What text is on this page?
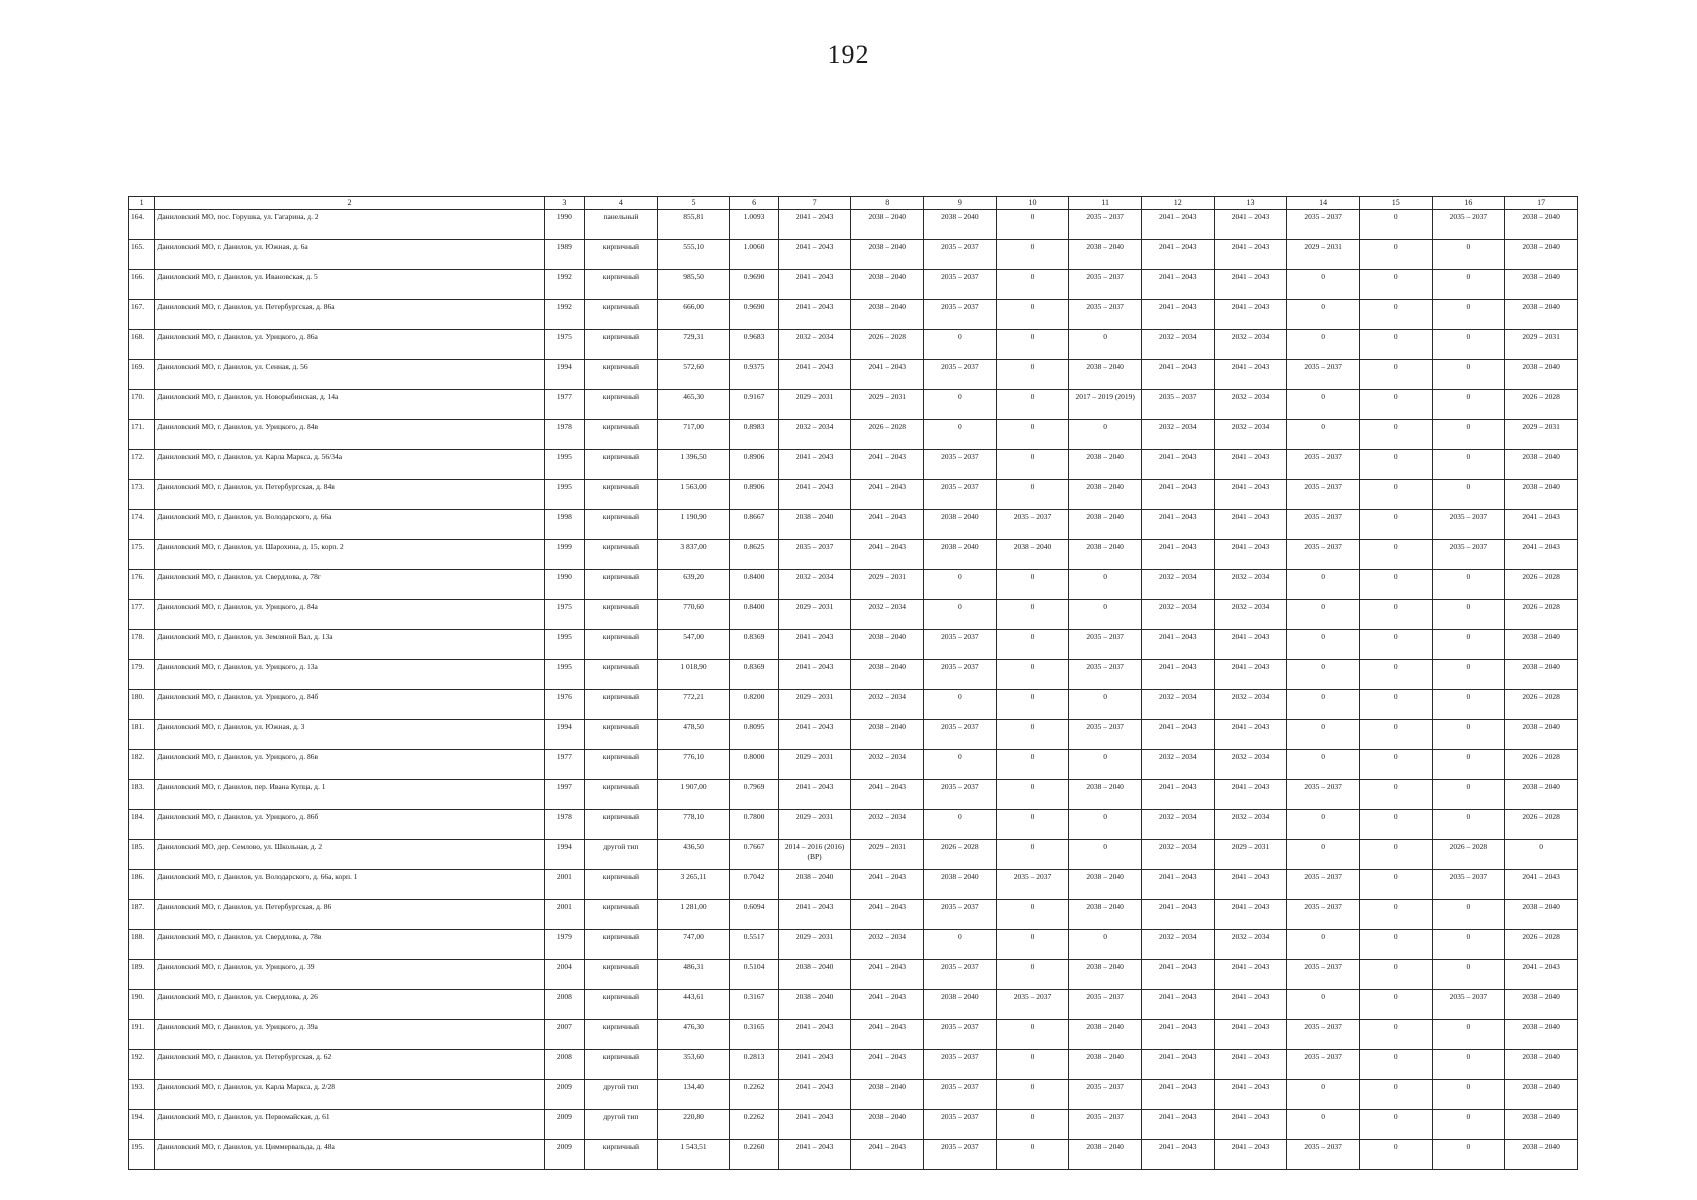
192
1	2	3	4	5	6	7	8	9	10	11	12	13	14	15	16	17
164.	Даниловский МО, пос. Горушка, ул. Гагарина, д. 2	1990	панельный	855,81	1.0093	2041 – 2043	2038 – 2040	2038 – 2040	0	2035 – 2037	2041 – 2043	2041 – 2043	2035 – 2037	0	2035 – 2037	2038 – 2040
165.	Даниловский МО, г. Данилов, ул. Южная, д. 6а	1989	кирпичный	555,10	1.0060	2041 – 2043	2038 – 2040	2035 – 2037	0	2038 – 2040	2041 – 2043	2041 – 2043	2029 – 2031	0	0	2038 – 2040
166.	Даниловский МО, г. Данилов, ул. Ивановская, д. 5	1992	кирпичный	985,50	0.9690	2041 – 2043	2038 – 2040	2035 – 2037	0	2035 – 2037	2041 – 2043	2041 – 2043	0	0	0	2038 – 2040
167.	Даниловский МО, г. Данилов, ул. Петербургская, д. 86а	1992	кирпичный	666,00	0.9690	2041 – 2043	2038 – 2040	2035 – 2037	0	2035 – 2037	2041 – 2043	2041 – 2043	0	0	0	2038 – 2040
168.	Даниловский МО, г. Данилов, ул. Урицкого, д. 86а	1975	кирпичный	729,31	0.9683	2032 – 2034	2026 – 2028	0	0	0	2032 – 2034	2032 – 2034	0	0	0	2029 – 2031
169.	Даниловский МО, г. Данилов, ул. Сенная, д. 56	1994	кирпичный	572,60	0.9375	2041 – 2043	2041 – 2043	2035 – 2037	0	2038 – 2040	2041 – 2043	2041 – 2043	2035 – 2037	0	0	2038 – 2040
170.	Даниловский МО, г. Данилов, ул. Новорыбинская, д. 14а	1977	кирпичный	465,30	0.9167	2029 – 2031	2029 – 2031	0	0	2017 – 2019 (2019)	2035 – 2037	2032 – 2034	0	0	0	2026 – 2028
171.	Даниловский МО, г. Данилов, ул. Урицкого, д. 84в	1978	кирпичный	717,00	0.8983	2032 – 2034	2026 – 2028	0	0	0	2032 – 2034	2032 – 2034	0	0	0	2029 – 2031
172.	Даниловский МО, г. Данилов, ул. Карла Маркса, д. 56/34а	1995	кирпичный	1 396,50	0.8906	2041 – 2043	2041 – 2043	2035 – 2037	0	2038 – 2040	2041 – 2043	2041 – 2043	2035 – 2037	0	0	2038 – 2040
173.	Даниловский МО, г. Данилов, ул. Петербургская, д. 84в	1995	кирпичный	1 563,00	0.8906	2041 – 2043	2041 – 2043	2035 – 2037	0	2038 – 2040	2041 – 2043	2041 – 2043	2035 – 2037	0	0	2038 – 2040
174.	Даниловский МО, г. Данилов, ул. Володарского, д. 66а	1998	кирпичный	1 190,90	0.8667	2038 – 2040	2041 – 2043	2038 – 2040	2035 – 2037	2038 – 2040	2041 – 2043	2041 – 2043	2035 – 2037	0	2035 – 2037	2041 – 2043
175.	Даниловский МО, г. Данилов, ул. Шарохина, д. 15, корп. 2	1999	кирпичный	3 837,00	0.8625	2035 – 2037	2041 – 2043	2038 – 2040	2038 – 2040	2038 – 2040	2041 – 2043	2041 – 2043	2035 – 2037	0	2035 – 2037	2041 – 2043
176.	Даниловский МО, г. Данилов, ул. Свердлова, д. 78г	1990	кирпичный	639,20	0.8400	2032 – 2034	2029 – 2031	0	0	0	2032 – 2034	2032 – 2034	0	0	0	2026 – 2028
177.	Даниловский МО, г. Данилов, ул. Урицкого, д. 84а	1975	кирпичный	770,60	0.8400	2029 – 2031	2032 – 2034	0	0	0	2032 – 2034	2032 – 2034	0	0	0	2026 – 2028
178.	Даниловский МО, г. Данилов, ул. Земляной Вал, д. 13а	1995	кирпичный	547,00	0.8369	2041 – 2043	2038 – 2040	2035 – 2037	0	2035 – 2037	2041 – 2043	2041 – 2043	0	0	0	2038 – 2040
179.	Даниловский МО, г. Данилов, ул. Урицкого, д. 13а	1995	кирпичный	1 018,90	0.8369	2041 – 2043	2038 – 2040	2035 – 2037	0	2035 – 2037	2041 – 2043	2041 – 2043	0	0	0	2038 – 2040
180.	Даниловский МО, г. Данилов, ул. Урицкого, д. 84б	1976	кирпичный	772,21	0.8200	2029 – 2031	2032 – 2034	0	0	0	2032 – 2034	2032 – 2034	0	0	0	2026 – 2028
181.	Даниловский МО, г. Данилов, ул. Южная, д. 3	1994	кирпичный	478,50	0.8095	2041 – 2043	2038 – 2040	2035 – 2037	0	2035 – 2037	2041 – 2043	2041 – 2043	0	0	0	2038 – 2040
182.	Даниловский МО, г. Данилов, ул. Урицкого, д. 86в	1977	кирпичный	776,10	0.8000	2029 – 2031	2032 – 2034	0	0	0	2032 – 2034	2032 – 2034	0	0	0	2026 – 2028
183.	Даниловский МО, г. Данилов, пер. Ивана Купца, д. 1	1997	кирпичный	1 907,00	0.7969	2041 – 2043	2041 – 2043	2035 – 2037	0	2038 – 2040	2041 – 2043	2041 – 2043	2035 – 2037	0	0	2038 – 2040
184.	Даниловский МО, г. Данилов, ул. Урицкого, д. 86б	1978	кирпичный	778,10	0.7800	2029 – 2031	2032 – 2034	0	0	0	2032 – 2034	2032 – 2034	0	0	0	2026 – 2028
185.	Даниловский МО, дер. Семлово, ул. Школьная, д. 2	1994	другой тип	436,50	0.7667	2014 – 2016 (2016) (ВР)	2029 – 2031	2026 – 2028	0	0	2032 – 2034	2029 – 2031	0	0	2026 – 2028	0
186.	Даниловский МО, г. Данилов, ул. Володарского, д. 66а, корп. 1	2001	кирпичный	3 265,11	0.7042	2038 – 2040	2041 – 2043	2038 – 2040	2035 – 2037	2038 – 2040	2041 – 2043	2041 – 2043	2035 – 2037	0	2035 – 2037	2041 – 2043
187.	Даниловский МО, г. Данилов, ул. Петербургская, д. 86	2001	кирпичный	1 281,00	0.6094	2041 – 2043	2041 – 2043	2035 – 2037	0	2038 – 2040	2041 – 2043	2041 – 2043	2035 – 2037	0	0	2038 – 2040
188.	Даниловский МО, г. Данилов, ул. Свердлова, д. 78в	1979	кирпичный	747,00	0.5517	2029 – 2031	2032 – 2034	0	0	0	2032 – 2034	2032 – 2034	0	0	0	2026 – 2028
189.	Даниловский МО, г. Данилов, ул. Урицкого, д. 39	2004	кирпичный	486,31	0.5104	2038 – 2040	2041 – 2043	2035 – 2037	0	2038 – 2040	2041 – 2043	2041 – 2043	2035 – 2037	0	0	2041 – 2043
190.	Даниловский МО, г. Данилов, ул. Свердлова, д. 26	2008	кирпичный	443,61	0.3167	2038 – 2040	2041 – 2043	2038 – 2040	2035 – 2037	2035 – 2037	2041 – 2043	2041 – 2043	0	0	2035 – 2037	2038 – 2040
191.	Даниловский МО, г. Данилов, ул. Урицкого, д. 39а	2007	кирпичный	476,30	0.3165	2041 – 2043	2041 – 2043	2035 – 2037	0	2038 – 2040	2041 – 2043	2041 – 2043	2035 – 2037	0	0	2038 – 2040
192.	Даниловский МО, г. Данилов, ул. Петербургская, д. 62	2008	кирпичный	353,60	0.2813	2041 – 2043	2041 – 2043	2035 – 2037	0	2038 – 2040	2041 – 2043	2041 – 2043	2035 – 2037	0	0	2038 – 2040
193.	Даниловский МО, г. Данилов, ул. Карла Маркса, д. 2/28	2009	другой тип	134,40	0.2262	2041 – 2043	2038 – 2040	2035 – 2037	0	2035 – 2037	2041 – 2043	2041 – 2043	0	0	0	2038 – 2040
194.	Даниловский МО, г. Данилов, ул. Первомайская, д. 61	2009	другой тип	220,80	0.2262	2041 – 2043	2038 – 2040	2035 – 2037	0	2035 – 2037	2041 – 2043	2041 – 2043	0	0	0	2038 – 2040
195.	Даниловский МО, г. Данилов, ул. Циммервальда, д. 48а	2009	кирпичный	1 543,51	0.2260	2041 – 2043	2041 – 2043	2035 – 2037	0	2038 – 2040	2041 – 2043	2041 – 2043	2035 – 2037	0	0	2038 – 2040
